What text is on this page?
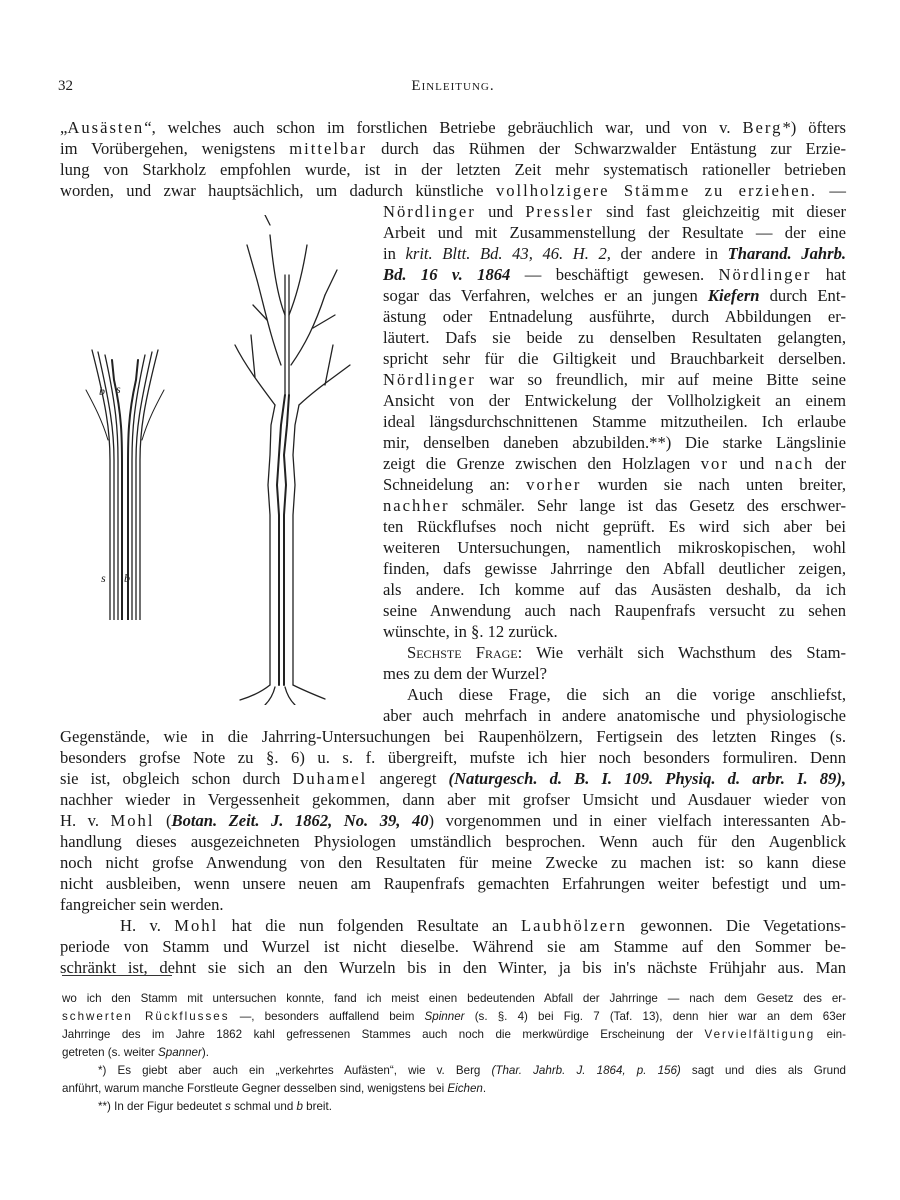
32	Einleitung.
„Ausästen“, welches auch schon im forstlichen Betriebe gebräuchlich war, und von v. Berg*) öfters
im Vorübergehen, wenigstens mittelbar durch das Rühmen der Schwarzwalder Entästung zur Erzie-
lung von Starkholz empfohlen wurde, ist in der letzten Zeit mehr systematisch rationeller betrieben
worden, und zwar hauptsächlich, um dadurch künstliche vollholzigere Stämme zu erziehen. —
Nördlinger und Pressler sind fast gleichzeitig mit dieser
Arbeit und mit Zusammenstellung der Resultate — der eine
in krit. Bltt. Bd. 43, 46. H. 2, der andere in Tharand. Jahrb.
Bd. 16 v. 1864 — beschäftigt gewesen. Nördlinger hat
sogar das Verfahren, welches er an jungen Kiefern durch Ent-
ästung oder Entnadelung ausführte, durch Abbildungen er-
läutert. Dafs sie beide zu denselben Resultaten gelangten,
spricht sehr für die Giltigkeit und Brauchbarkeit derselben.
Nördlinger war so freundlich, mir auf meine Bitte seine
Ansicht von der Entwickelung der Vollholzigkeit an einem
ideal längsdurchschnittenen Stamme mitzutheilen. Ich erlaube
mir, denselben daneben abzubilden.**) Die starke Längslinie
zeigt die Grenze zwischen den Holzlagen vor und nach der
Schneidelung an: vorher wurden sie nach unten breiter,
nachher schmäler. Sehr lange ist das Gesetz des erschwer-
ten Rückflufses noch nicht geprüft. Es wird sich aber bei
weiteren Untersuchungen, namentlich mikroskopischen, wohl
finden, dafs gewisse Jahrringe den Abfall deutlicher zeigen,
als andere. Ich komme auf das Ausästen deshalb, da ich
seine Anwendung auch nach Raupenfrafs versucht zu sehen
wünschte, in §. 12 zurück.
Sechste Frage: Wie verhält sich Wachsthum des Stam-
mes zu dem der Wurzel?
Auch diese Frage, die sich an die vorige anschliefst,
aber auch mehrfach in andere anatomische und physiologische
Gegenstände, wie in die Jahrring-Untersuchungen bei Raupenhölzern, Fertigsein des letzten Ringes (s.
besonders grofse Note zu §. 6) u. s. f. übergreift, mufste ich hier noch besonders formuliren. Denn
sie ist, obgleich schon durch Duhamel angeregt (Naturgesch. d. B. I. 109. Physiq. d. arbr. I. 89),
nachher wieder in Vergessenheit gekommen, dann aber mit grofser Umsicht und Ausdauer wieder von
H. v. Mohl (Botan. Zeit. J. 1862, No. 39, 40) vorgenommen und in einer vielfach interessanten Ab-
handlung dieses ausgezeichneten Physiologen umständlich besprochen. Wenn auch für den Augenblick
noch nicht grofse Anwendung von den Resultaten für meine Zwecke zu machen ist: so kann diese
nicht ausbleiben, wenn unsere neuen am Raupenfrafs gemachten Erfahrungen weiter befestigt und um-
fangreicher sein werden.
H. v. Mohl hat die nun folgenden Resultate an Laubhölzern gewonnen. Die Vegetations-
periode von Stamm und Wurzel ist nicht dieselbe. Während sie am Stamme auf den Sommer be-
schränkt ist, dehnt sie sich an den Wurzeln bis in den Winter, ja bis in's nächste Frühjahr aus. Man
wo ich den Stamm mit untersuchen konnte, fand ich meist einen bedeutenden Abfall der Jahrringe — nach dem Gesetz des er-
schwerten Rückflusses —, besonders auffallend beim Spinner (s. §. 4) bei Fig. 7 (Taf. 13), denn hier war an dem 63er
Jahrringe des im Jahre 1862 kahl gefressenen Stammes auch noch die merkwürdige Erscheinung der Vervielfältigung ein-
getreten (s. weiter Spanner).
*) Es giebt aber auch ein „verkehrtes Aufästen“, wie v. Berg (Thar. Jahrb. J. 1864, p. 156) sagt und dies als Grund
anführt, warum manche Forstleute Gegner desselben sind, wenigstens bei Eichen.
**) In der Figur bedeutet s schmal und b breit.
b s
s b
